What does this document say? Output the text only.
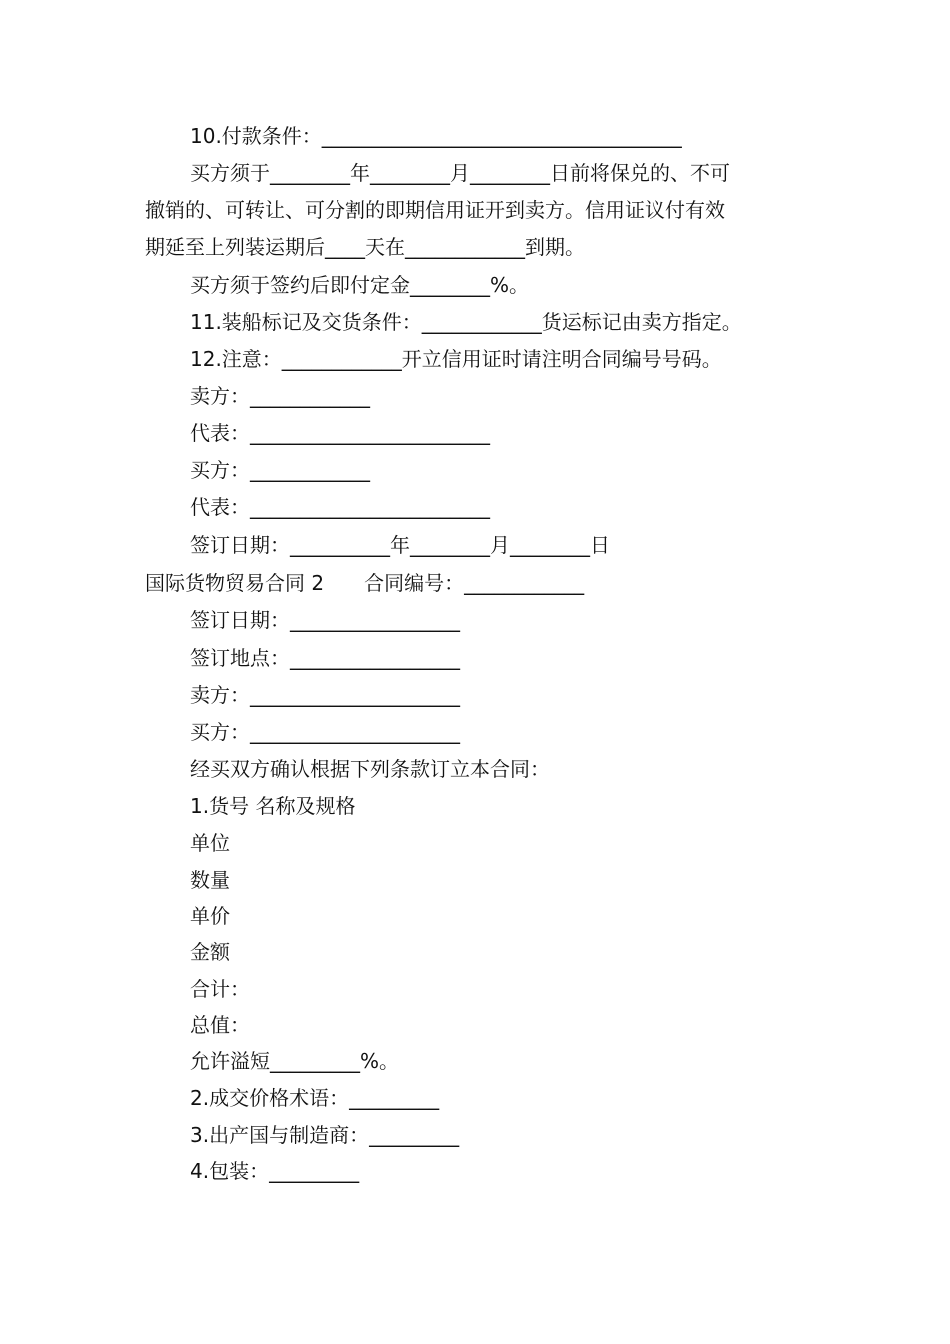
10.付款条件：____________________________________
买方须于________年________月________日前将保兑的、不可
撤销的、可转让、可分割的即期信用证开到卖方。信用证议付有效
期延至上列装运期后____天在____________到期。
买方须于签约后即付定金________%。
11.装船标记及交货条件：____________货运标记由卖方指定。
12.注意：____________开立信用证时请注明合同编号号码。
卖方：____________
代表：________________________
买方：____________
代表：________________________
签订日期：__________年________月________日
国际货物贸易合同 2　　合同编号：____________
签订日期：_________________
签订地点：_________________
卖方：_____________________
买方：_____________________
经买双方确认根据下列条款订立本合同：
1.货号 名称及规格
单位
数量
单价
金额
合计：
总值：
允许溢短_________%。
2.成交价格术语：_________
3.出产国与制造商：_________
4.包装：_________
